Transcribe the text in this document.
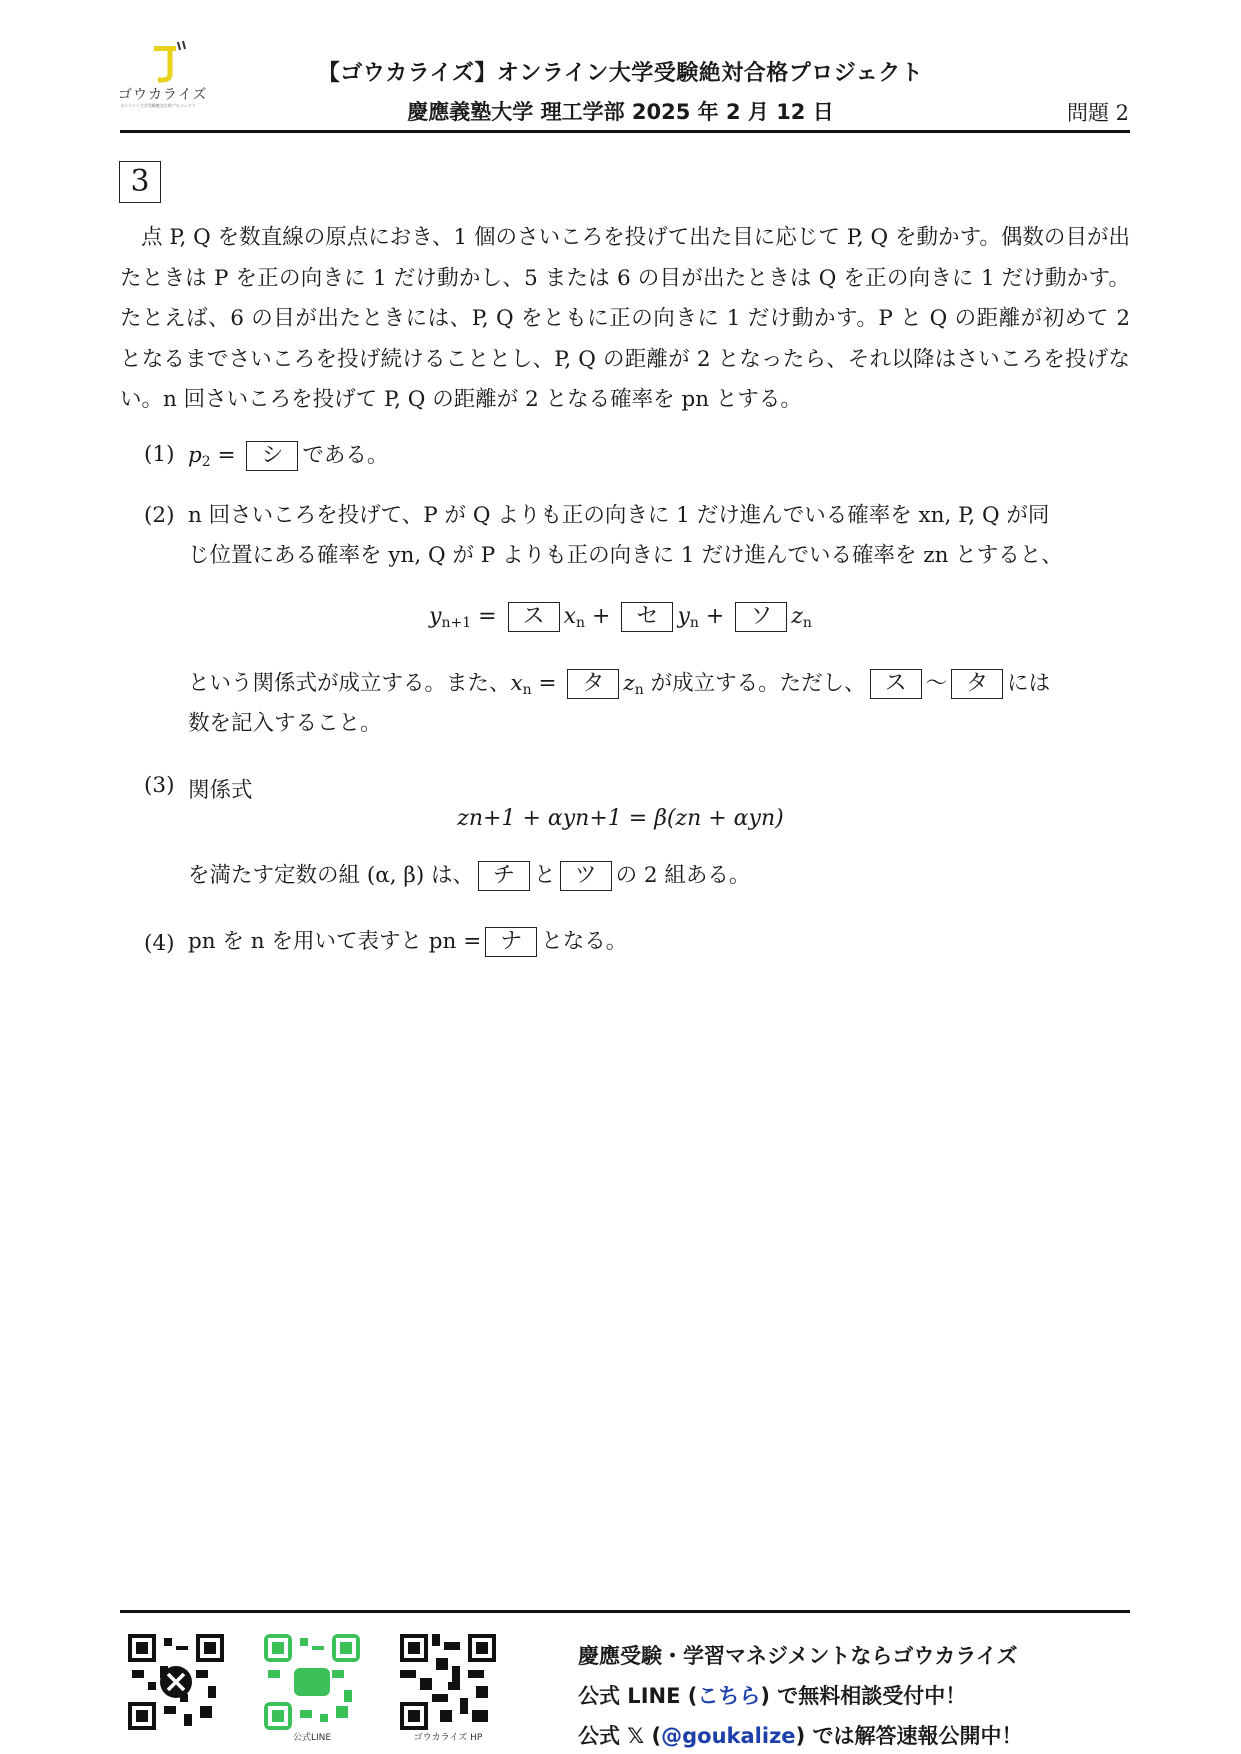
ゴウカライズ
オンライン大学受験絶対合格プロジェクト
【ゴウカライズ】オンライン大学受験絶対合格プロジェクト
慶應義塾大学 理工学部 2025 年 2 月 12 日	問題 2
3
点 P, Q を数直線の原点におき、1 個のさいころを投げて出た目に応じて P, Q を動かす。偶数の目が出たときは P を正の向きに 1 だけ動かし、5 または 6 の目が出たときは Q を正の向きに 1 だけ動かす。たとえば、6 の目が出たときには、P, Q をともに正の向きに 1 だけ動かす。P と Q の距離が初めて 2 となるまでさいころを投げ続けることとし、P, Q の距離が 2 となったら、それ以降はさいころを投げない。n 回さいころを投げて P, Q の距離が 2 となる確率を pn とする。
(1) $p_2$ = シ である。
(2) n 回さいころを投げて、P が Q よりも正の向きに 1 だけ進んでいる確率を xn, P, Q が同
じ位置にある確率を yn, Q が P よりも正の向きに 1 だけ進んでいる確率を zn とすると、
$y_{n+1}$ = ス $x_n$ + セ $y_n$ + ソ $z_n$
という関係式が成立する。また、$x_n$ = タ $z_n$ が成立する。ただし、 ス 〜 タ には
数を記入すること。
(3) 関係式
zn+1 + αyn+1 = β(zn + αyn)
を満たす定数の組 (α, β) は、 チ と ツ の 2 組ある。
(4) pn を n を用いて表すと pn = ナ となる。
公式LINE	ゴウカライズ HP
慶應受験・学習マネジメントならゴウカライズ
公式 LINE (こちら) で無料相談受付中！
公式 𝕏 (@goukalize) では解答速報公開中！
